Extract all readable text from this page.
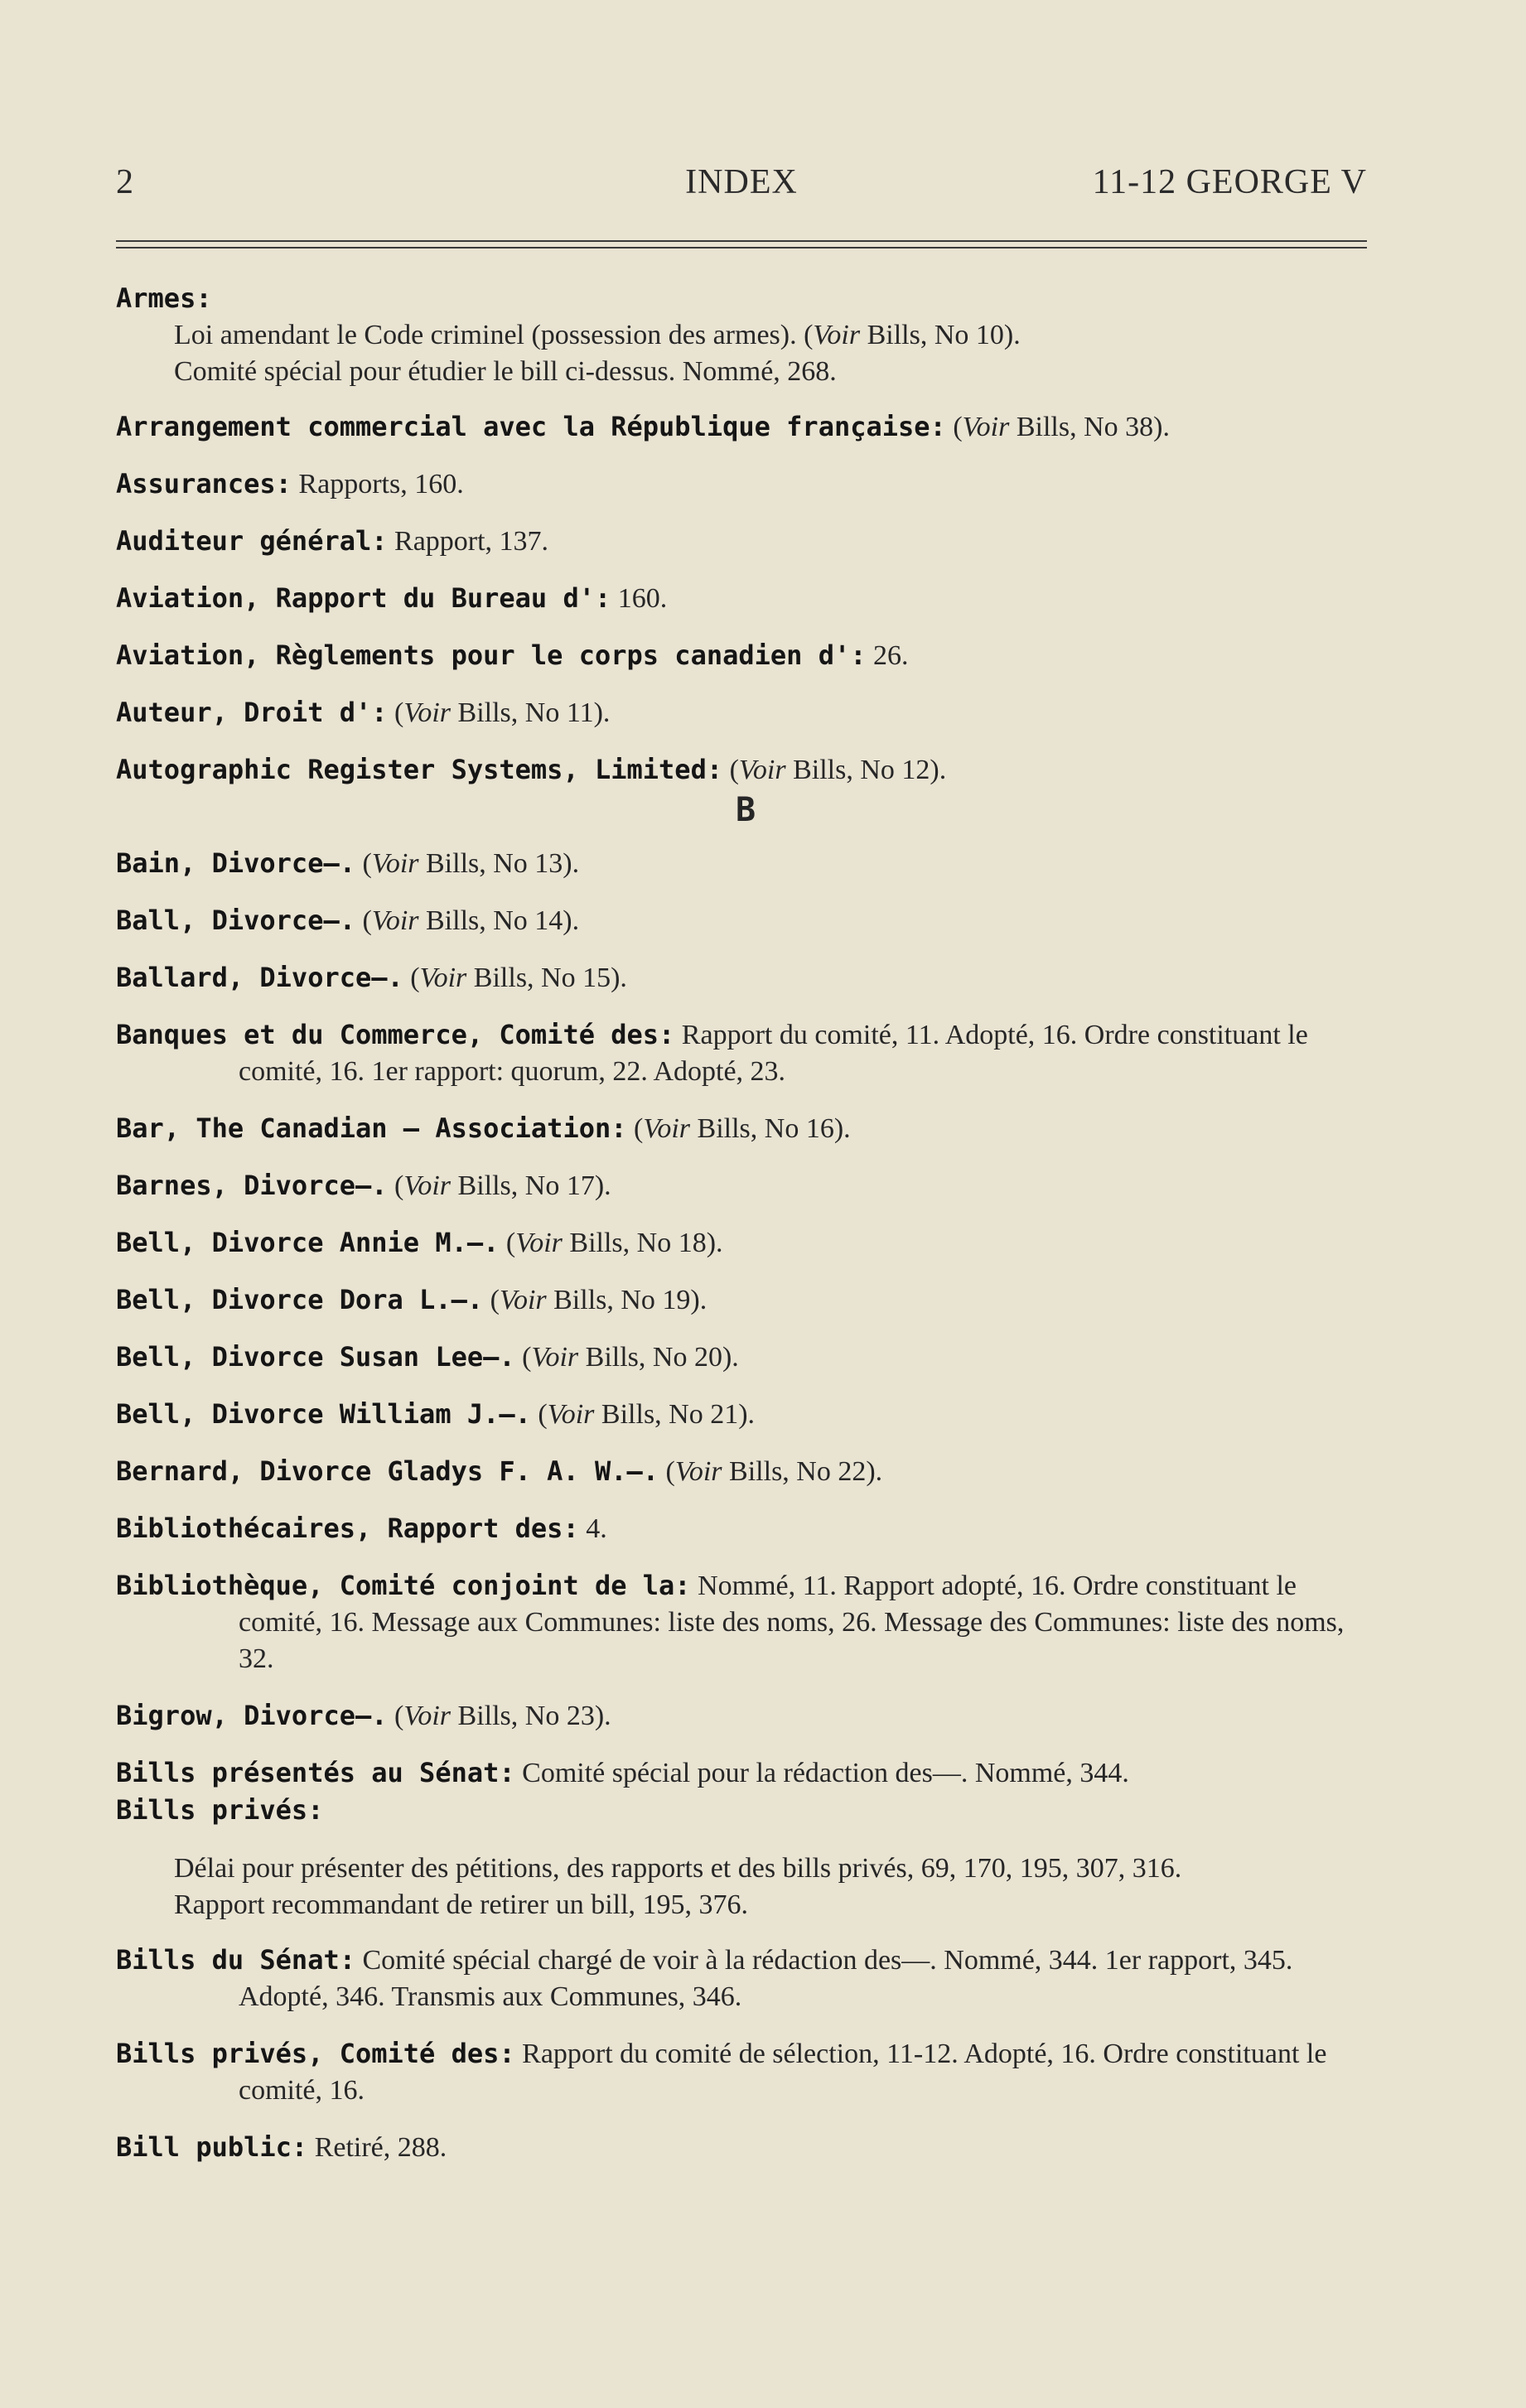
2	INDEX	11-12 GEORGE V
Armes:

Loi amendant le Code criminel (possession des armes). (Voir Bills, No 10).

Comité spécial pour étudier le bill ci-dessus. Nommé, 268.

Arrangement commercial avec la République française: (Voir Bills, No 38).
Assurances: Rapports, 160.
Auditeur général: Rapport, 137.
Aviation, Rapport du Bureau d': 160.
Aviation, Règlements pour le corps canadien d': 26.
Auteur, Droit d': (Voir Bills, No 11).
Autographic Register Systems, Limited: (Voir Bills, No 12).
B
Bain, Divorce—. (Voir Bills, No 13).
Ball, Divorce—. (Voir Bills, No 14).
Ballard, Divorce—. (Voir Bills, No 15).
Banques et du Commerce, Comité des: Rapport du comité, 11. Adopté, 16. Ordre constituant le comité, 16. 1er rapport: quorum, 22. Adopté, 23.
Bar, The Canadian — Association: (Voir Bills, No 16).
Barnes, Divorce—. (Voir Bills, No 17).
Bell, Divorce Annie M.—. (Voir Bills, No 18).
Bell, Divorce Dora L.—. (Voir Bills, No 19).
Bell, Divorce Susan Lee—. (Voir Bills, No 20).
Bell, Divorce William J.—. (Voir Bills, No 21).
Bernard, Divorce Gladys F. A. W.—. (Voir Bills, No 22).
Bibliothécaires, Rapport des: 4.
Bibliothèque, Comité conjoint de la: Nommé, 11. Rapport adopté, 16. Ordre constituant le comité, 16. Message aux Communes: liste des noms, 26. Message des Communes: liste des noms, 32.
Bigrow, Divorce—. (Voir Bills, No 23).
Bills présentés au Sénat: Comité spécial pour la rédaction des—. Nommé, 344.
Bills privés:

Délai pour présenter des pétitions, des rapports et des bills privés, 69, 170, 195, 307, 316.

Rapport recommandant de retirer un bill, 195, 376.

Bills du Sénat: Comité spécial chargé de voir à la rédaction des—. Nommé, 344. 1er rapport, 345. Adopté, 346. Transmis aux Communes, 346.
Bills privés, Comité des: Rapport du comité de sélection, 11-12. Adopté, 16. Ordre constituant le comité, 16.
Bill public: Retiré, 288.
